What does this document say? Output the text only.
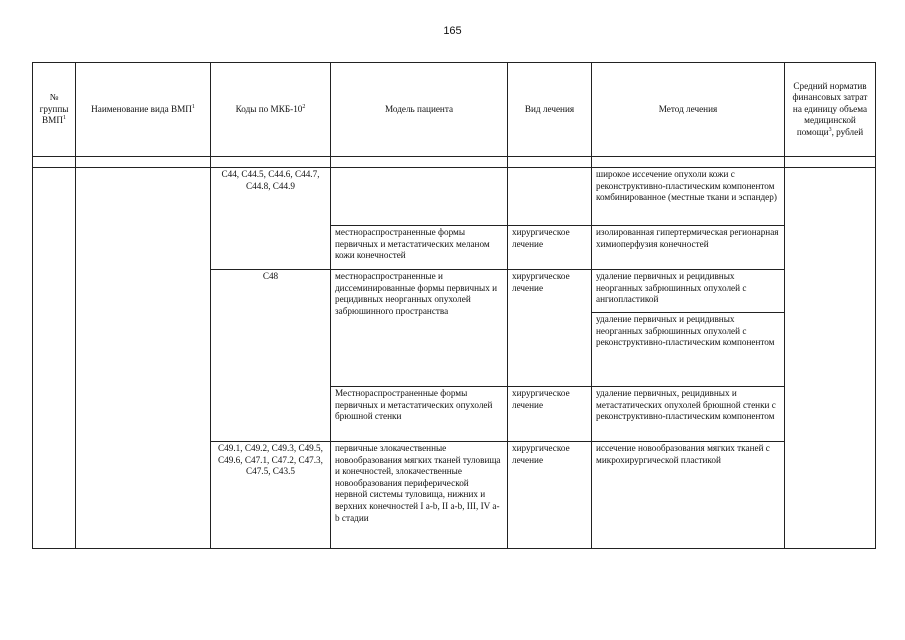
165
№ группы ВМП$^1$	Наименование вида ВМП$^1$	Коды по МКБ-$10^2$	Модель пациента	Вид лечения	Метод лечения	Средний норматив финансовых затрат на единицу объема медицинской помощи$^3$, рублей

		C44, C44.5, C44.6, C44.7, C44.8, C44.9			широкое иссечение опухоли кожи с реконструктивно-пластическим компонентом комбинированное (местные ткани и эспандер)	
			местнораспространенные формы первичных и метастатических меланом кожи конечностей	хирургическое лечение	изолированная гипертермическая регионарная химиоперфузия конечностей	
		C48	местнораспространенные и диссеминированные формы первичных и рецидивных неорганных опухолей забрюшинного пространства	хирургическое лечение	удаление первичных и рецидивных неорганных забрюшинных опухолей с ангиопластикой	
					удаление первичных и рецидивных неорганных забрюшинных опухолей с реконструктивно-пластическим компонентом	
			Местнораспространенные формы первичных и метастатических опухолей брюшной стенки	хирургическое лечение	удаление первичных, рецидивных и метастатических опухолей брюшной стенки с реконструктивно-пластическим компонентом	
		C49.1, C49.2, C49.3, C49.5, C49.6, C47.1, C47.2, C47.3, C47.5, C43.5	первичные злокачественные новообразования мягких тканей туловища и конечностей, злокачественные новообразования периферической нервной системы туловища, нижних и верхних конечностей I a-b, II a-b, III, IV a-b стадии	хирургическое лечение	иссечение новообразования мягких тканей с микрохирургической пластикой	
